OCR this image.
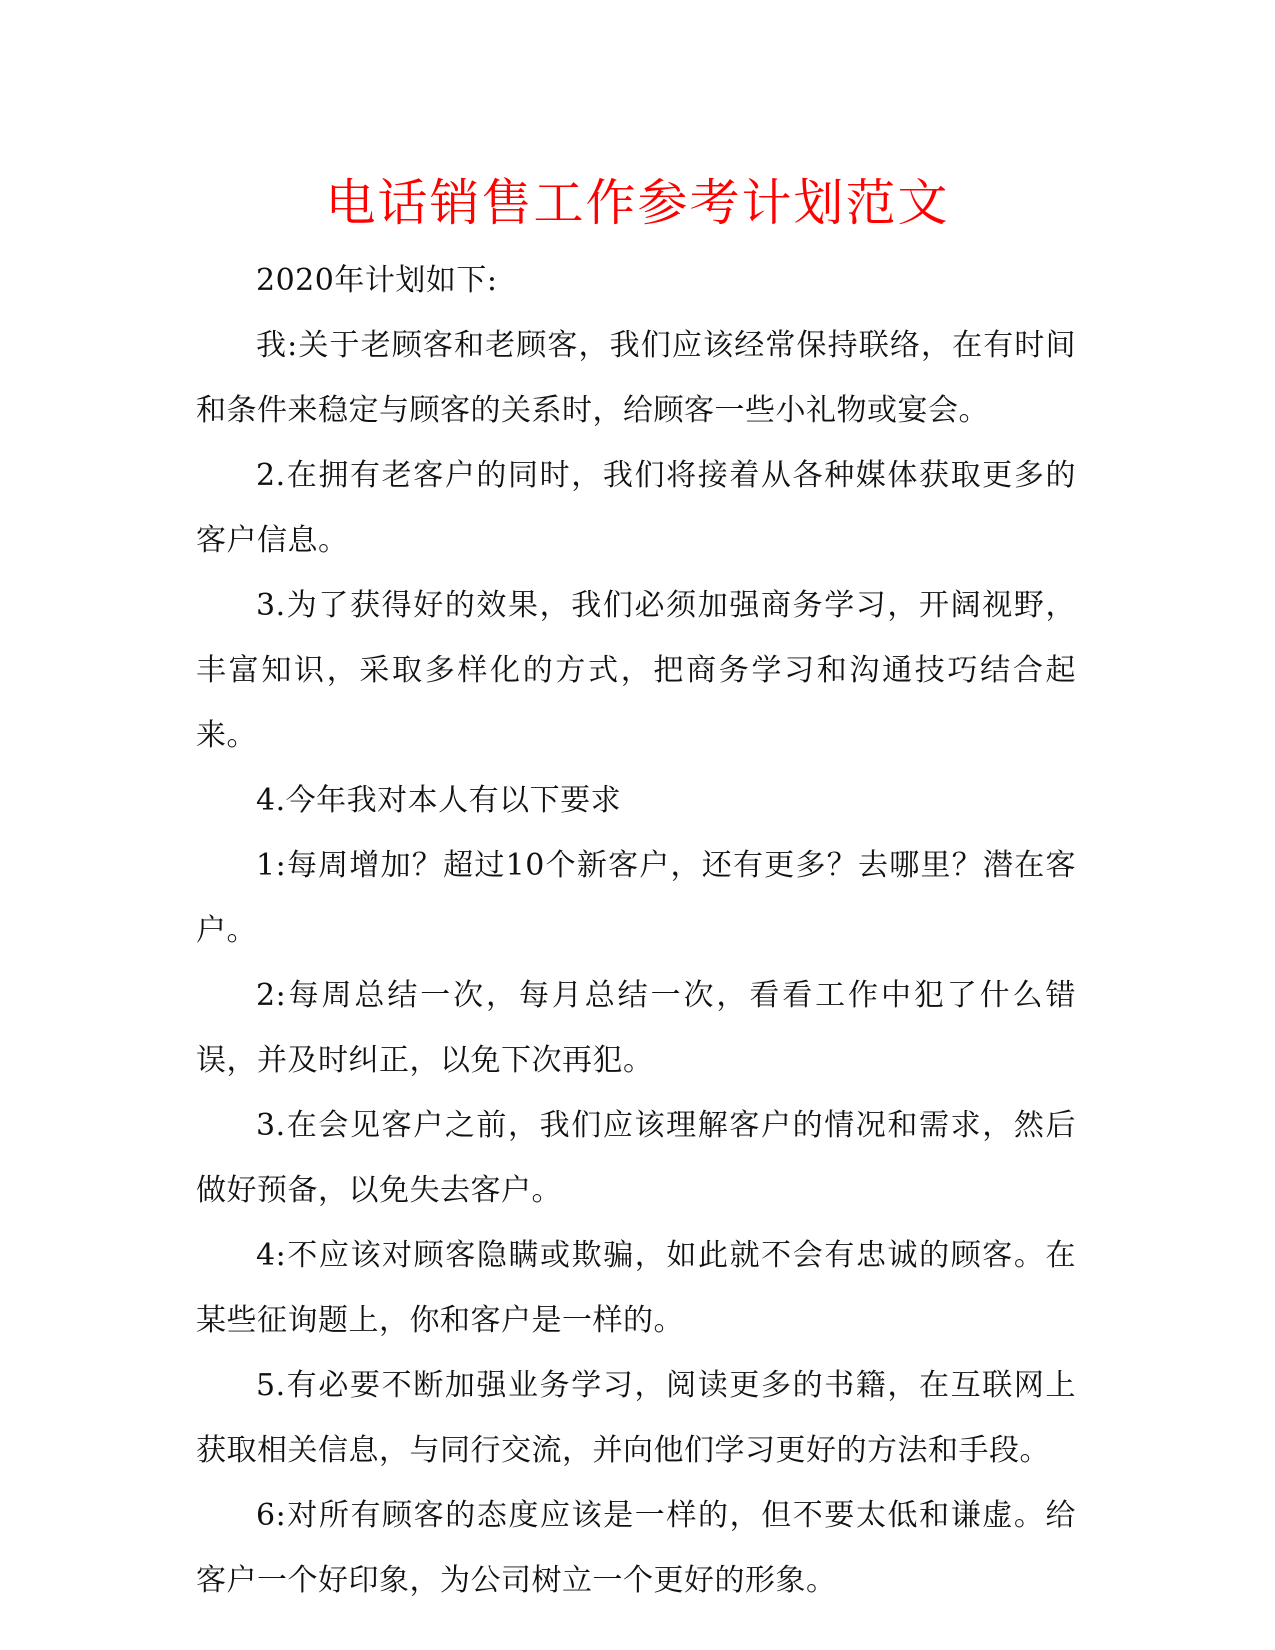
电话销售工作参考计划范文

2020年计划如下:

我:关于老顾客和老顾客，我们应该经常保持联络，在有时间和条件来稳定与顾客的关系时，给顾客一些小礼物或宴会。

2.在拥有老客户的同时，我们将接着从各种媒体获取更多的客户信息。

3.为了获得好的效果，我们必须加强商务学习，开阔视野，丰富知识，采取多样化的方式，把商务学习和沟通技巧结合起来。

4.今年我对本人有以下要求

1:每周增加？超过10个新客户，还有更多？去哪里？潜在客户。

2:每周总结一次，每月总结一次，看看工作中犯了什么错误，并及时纠正，以免下次再犯。

3.在会见客户之前，我们应该理解客户的情况和需求，然后做好预备，以免失去客户。

4:不应该对顾客隐瞒或欺骗，如此就不会有忠诚的顾客。在某些征询题上，你和客户是一样的。

5.有必要不断加强业务学习，阅读更多的书籍，在互联网上获取相关信息，与同行交流，并向他们学习更好的方法和手段。

6:对所有顾客的态度应该是一样的，但不要太低和谦虚。给客户一个好印象，为公司树立一个更好的形象。
